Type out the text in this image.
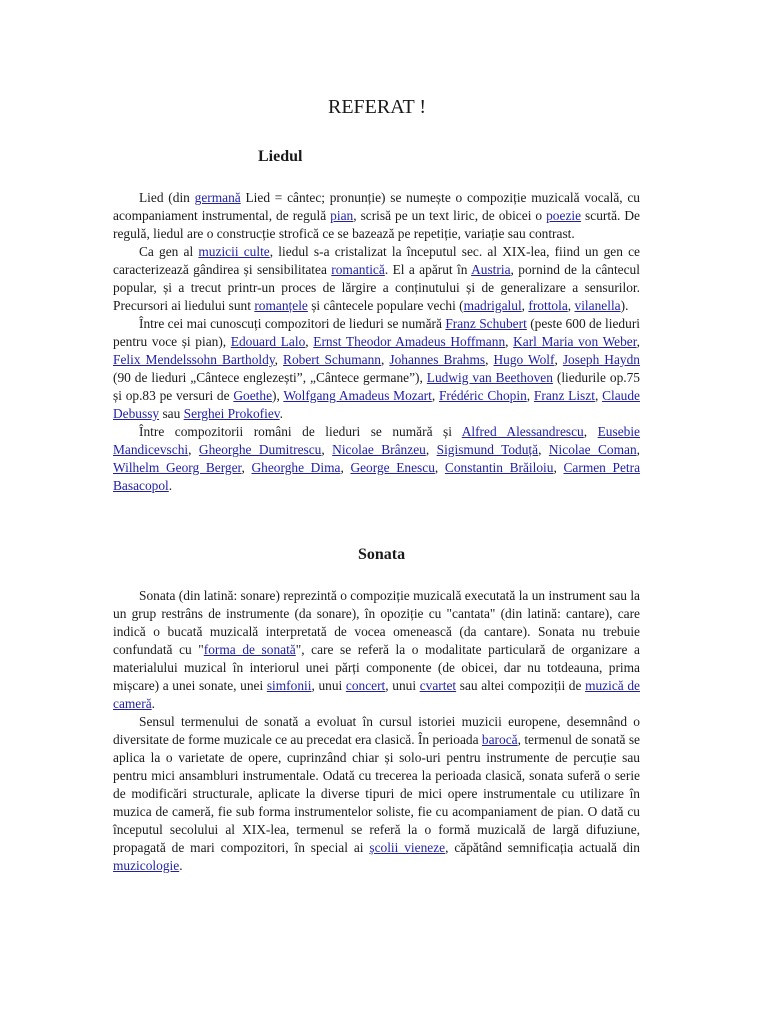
REFERAT !
Liedul

Lied (din germană Lied = cântec; pronunție) se numește o compoziție muzicală vocală, cu acompaniament instrumental, de regulă pian, scrisă pe un text liric, de obicei o poezie scurtă. De regulă, liedul are o construcție strofică ce se bazează pe repetiție, variație sau contrast.

Ca gen al muzicii culte, liedul s-a cristalizat la începutul sec. al XIX-lea, fiind un gen ce caracterizează gândirea și sensibilitatea romantică. El a apărut în Austria, pornind de la cântecul popular, și a trecut printr-un proces de lărgire a conținutului și de generalizare a sensurilor. Precursori ai liedului sunt romanțele și cântecele populare vechi (madrigalul, frottola, vilanella).

Între cei mai cunoscuți compozitori de lieduri se numără Franz Schubert (peste 600 de lieduri pentru voce și pian), Edouard Lalo, Ernst Theodor Amadeus Hoffmann, Karl Maria von Weber, Felix Mendelssohn Bartholdy, Robert Schumann, Johannes Brahms, Hugo Wolf, Joseph Haydn (90 de lieduri „Cântece englezești”, „Cântece germane”), Ludwig van Beethoven (liedurile op.75 și op.83 pe versuri de Goethe), Wolfgang Amadeus Mozart, Frédéric Chopin, Franz Liszt, Claude Debussy sau Serghei Prokofiev.

Între compozitorii români de lieduri se numără și Alfred Alessandrescu, Eusebie Mandicevschi, Gheorghe Dumitrescu, Nicolae Brânzeu, Sigismund Toduță, Nicolae Coman, Wilhelm Georg Berger, Gheorghe Dima, George Enescu, Constantin Brăiloiu, Carmen Petra Basacopol.

Sonata

Sonata (din latină: sonare) reprezintă o compoziție muzicală executată la un instrument sau la un grup restrâns de instrumente (da sonare), în opoziție cu "cantata" (din latină: cantare), care indică o bucată muzicală interpretată de vocea omenească (da cantare). Sonata nu trebuie confundată cu "forma de sonată", care se referă la o modalitate particulară de organizare a materialului muzical în interiorul unei părți componente (de obicei, dar nu totdeauna, prima mișcare) a unei sonate, unei simfonii, unui concert, unui cvartet sau altei compoziții de muzică de cameră.

Sensul termenului de sonată a evoluat în cursul istoriei muzicii europene, desemnând o diversitate de forme muzicale ce au precedat era clasică. În perioada barocă, termenul de sonată se aplica la o varietate de opere, cuprinzând chiar și solo-uri pentru instrumente de percuție sau pentru mici ansambluri instrumentale. Odată cu trecerea la perioada clasică, sonata suferă o serie de modificări structurale, aplicate la diverse tipuri de mici opere instrumentale cu utilizare în muzica de cameră, fie sub forma instrumentelor soliste, fie cu acompaniament de pian. O dată cu începutul secolului al XIX-lea, termenul se referă la o formă muzicală de largă difuziune, propagată de mari compozitori, în special ai școlii vieneze, căpătând semnificația actuală din muzicologie.
